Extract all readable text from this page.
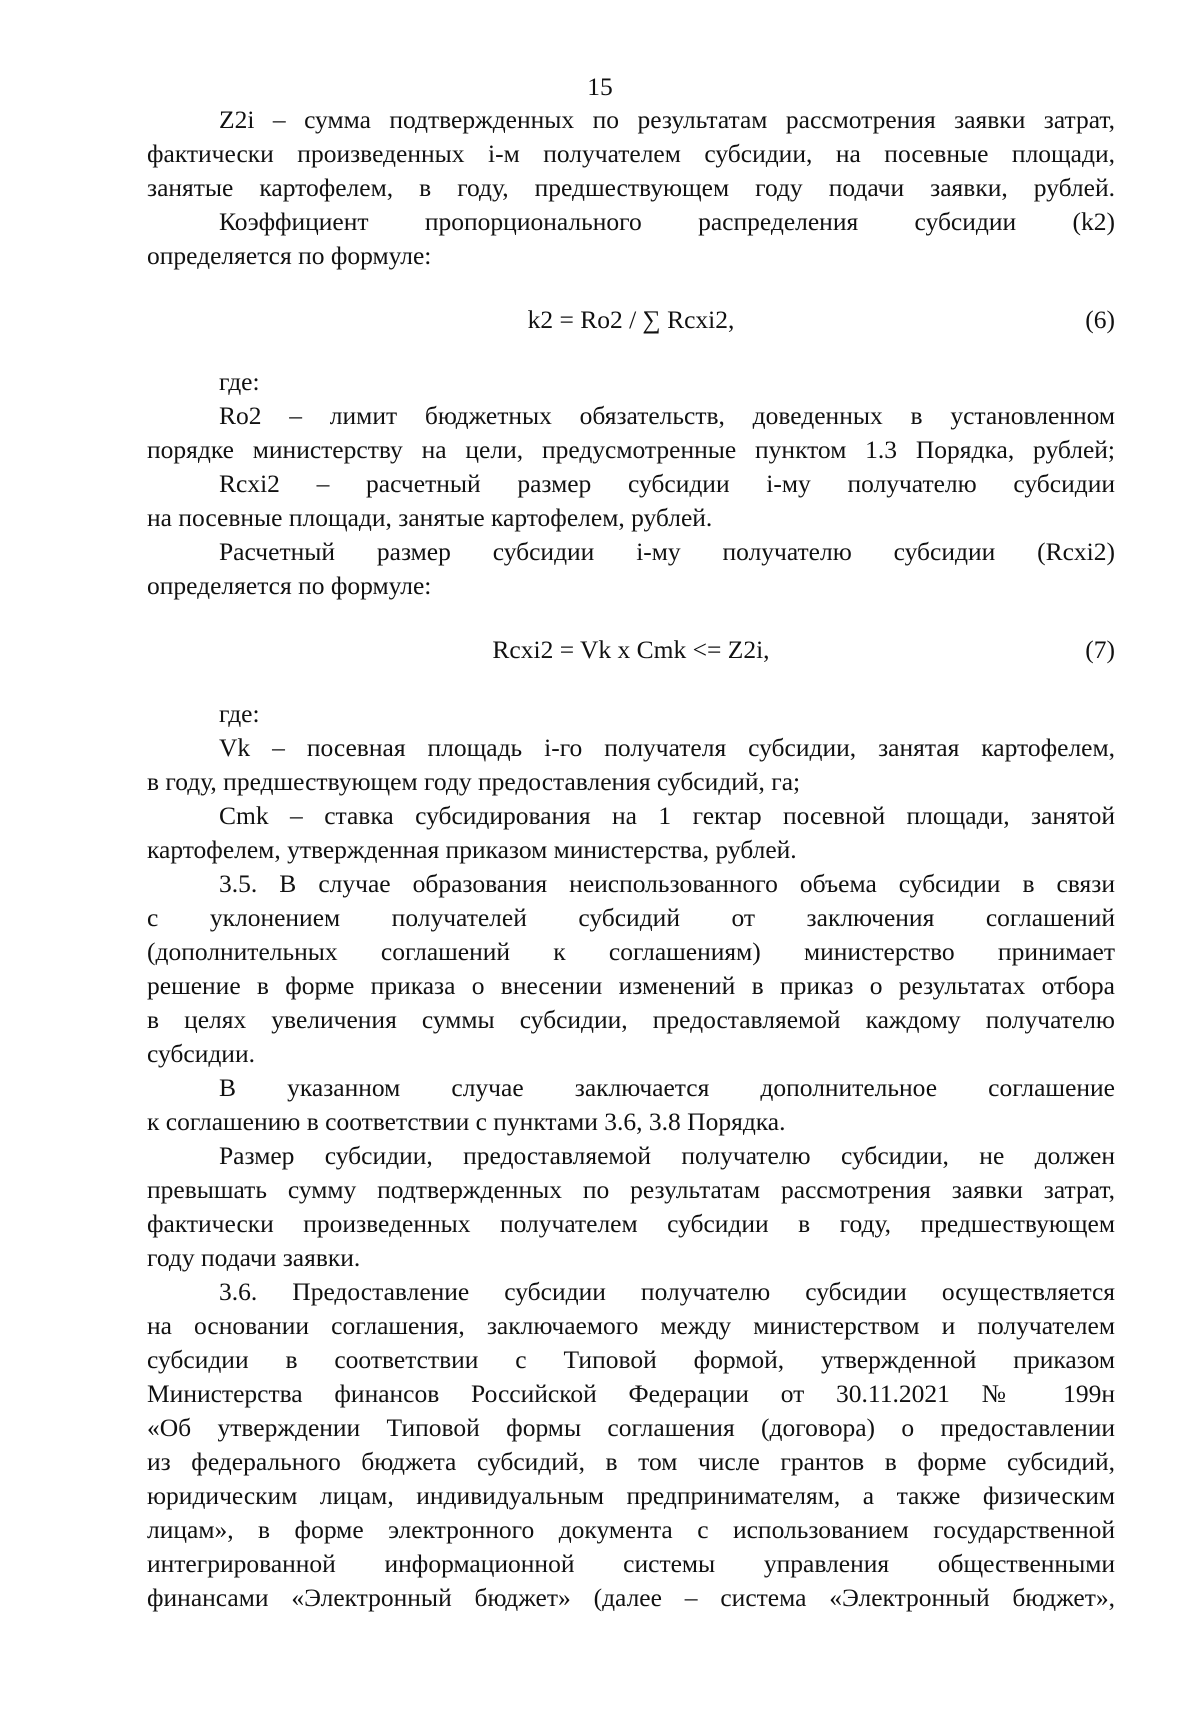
15
Z2i – сумма подтвержденных по результатам рассмотрения заявки затрат,
фактически произведенных i-м получателем субсидии, на посевные площади,
занятые картофелем, в году, предшествующем году подачи заявки, рублей.
Коэффициент пропорционального распределения субсидии (k2)
определяется по формуле:
k2 = Ro2 / ∑ Rcxi2,	(6)
где:
Ro2 – лимит бюджетных обязательств, доведенных в установленном
порядке министерству на цели, предусмотренные пунктом 1.3 Порядка, рублей;
Rcxi2 – расчетный размер субсидии i-му получателю субсидии
на посевные площади, занятые картофелем, рублей.
Расчетный размер субсидии i-му получателю субсидии (Rcxi2)
определяется по формуле:
Rcxi2 = Vk x Cmk <= Z2i,	(7)
где:
Vk – посевная площадь i-го получателя субсидии, занятая картофелем,
в году, предшествующем году предоставления субсидий, га;
Cmk – ставка субсидирования на 1 гектар посевной площади, занятой
картофелем, утвержденная приказом министерства, рублей.
3.5. В случае образования неиспользованного объема субсидии в связи
с уклонением получателей субсидий от заключения соглашений
(дополнительных соглашений к соглашениям) министерство принимает
решение в форме приказа о внесении изменений в приказ о результатах отбора
в целях увеличения суммы субсидии, предоставляемой каждому получателю
субсидии.
В указанном случае заключается дополнительное соглашение
к соглашению в соответствии с пунктами 3.6, 3.8 Порядка.
Размер субсидии, предоставляемой получателю субсидии, не должен
превышать сумму подтвержденных по результатам рассмотрения заявки затрат,
фактически произведенных получателем субсидии в году, предшествующем
году подачи заявки.
3.6. Предоставление субсидии получателю субсидии осуществляется
на основании соглашения, заключаемого между министерством и получателем
субсидии в соответствии с Типовой формой, утвержденной приказом
Министерства финансов Российской Федерации от 30.11.2021 № 199н
«Об утверждении Типовой формы соглашения (договора) о предоставлении
из федерального бюджета субсидий, в том числе грантов в форме субсидий,
юридическим лицам, индивидуальным предпринимателям, а также физическим
лицам», в форме электронного документа с использованием государственной
интегрированной информационной системы управления общественными
финансами «Электронный бюджет» (далее – система «Электронный бюджет»,
